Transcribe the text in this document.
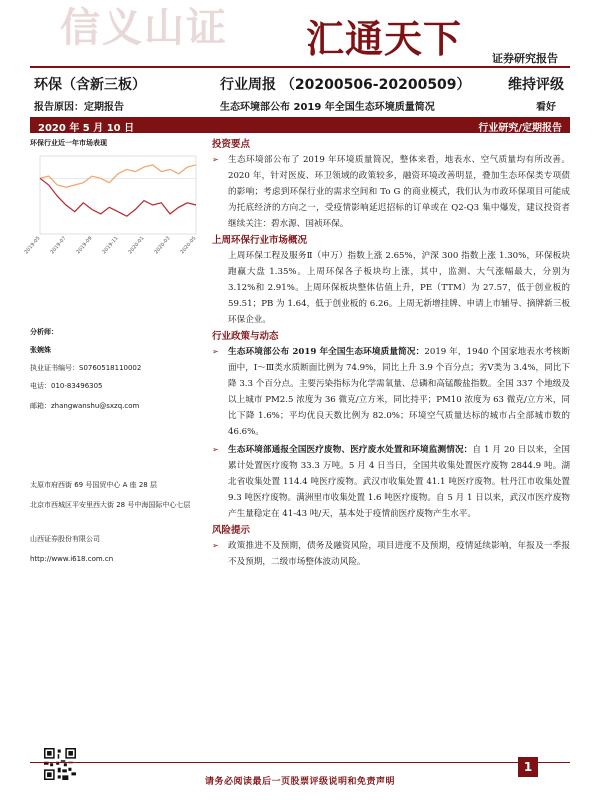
信义山证	汇通天下	证券研究报告
环保（含新三板）	行业周报 （20200506-20200509）	维持评级
报告原因：定期报告	生态环境部公布 2019 年全国生态环境质量简况	看好
2020 年 5 月 10 日	行业研究/定期报告
环保行业近一年市场表现
2019-05 2019-07 2019-09 2019-11 2020-01 2020-03 2020-05
分析师：
张婉姝
执业证书编号：S0760518110002
电话：010-83496305
邮箱：zhangwanshu@sxzq.com
太原市府西街 69 号国贸中心 A 座 28 层
北京市西城区平安里西大街 28 号中海国际中心七层
山西证券股份有限公司
http://www.i618.com.cn
投资要点
➢	生态环境部公布了 2019 年环境质量简况，整体来看，地表水、空气质量均有所改善。2020 年，针对医废、环卫领域的政策较多，融资环境改善明显，叠加生态环保类专项债的影响；考虑到环保行业的需求空间和 To G 的商业模式，我们认为市政环保项目可能成为托底经济的方向之一，受疫情影响延迟招标的订单或在 Q2-Q3 集中爆发，建议投资者继续关注：碧水源、国祯环保。
上周环保行业市场概况
上周环保工程及服务Ⅱ（申万）指数上涨 2.65%，沪深 300 指数上涨 1.30%，环保板块跑赢大盘 1.35%。上周环保各子板块均上涨，其中，监测、大气涨幅最大，分别为 3.12%和 2.91%。上周环保板块整体估值上升，PE（TTM）为 27.57，低于创业板的 59.51；PB 为 1.64，低于创业板的 6.26。上周无新增挂牌、申请上市辅导、摘牌新三板环保企业。
行业政策与动态
➢	生态环境部公布 2019 年全国生态环境质量简况：2019 年，1940 个国家地表水考核断面中，Ⅰ～Ⅲ类水质断面比例为 74.9%，同比上升 3.9 个百分点；劣Ⅴ类为 3.4%，同比下降 3.3 个百分点。主要污染指标为化学需氧量、总磷和高锰酸盐指数。全国 337 个地级及以上城市 PM2.5 浓度为 36 微克/立方米，同比持平；PM10 浓度为 63 微克/立方米，同比下降 1.6%；平均优良天数比例为 82.0%；环境空气质量达标的城市占全部城市数的 46.6%。
➢	生态环境部通报全国医疗废物、医疗废水处置和环境监测情况：自 1 月 20 日以来，全国累计处置医疗废物 33.3 万吨。5 月 4 日当日，全国共收集处置医疗废物 2844.9 吨。湖北省收集处置 114.4 吨医疗废物。武汉市收集处置 41.1 吨医疗废物。牡丹江市收集处置 9.3 吨医疗废物。满洲里市收集处置 1.6 吨医疗废物。自 5 月 1 日以来，武汉市医疗废物产生量稳定在 41-43 吨/天，基本处于疫情前医疗废物产生水平。
风险提示
➢	政策推进不及预期，债务及融资风险，项目进度不及预期，疫情延续影响，年报及一季报不及预期，二级市场整体波动风险。
请务必阅读最后一页股票评级说明和免责声明
1
